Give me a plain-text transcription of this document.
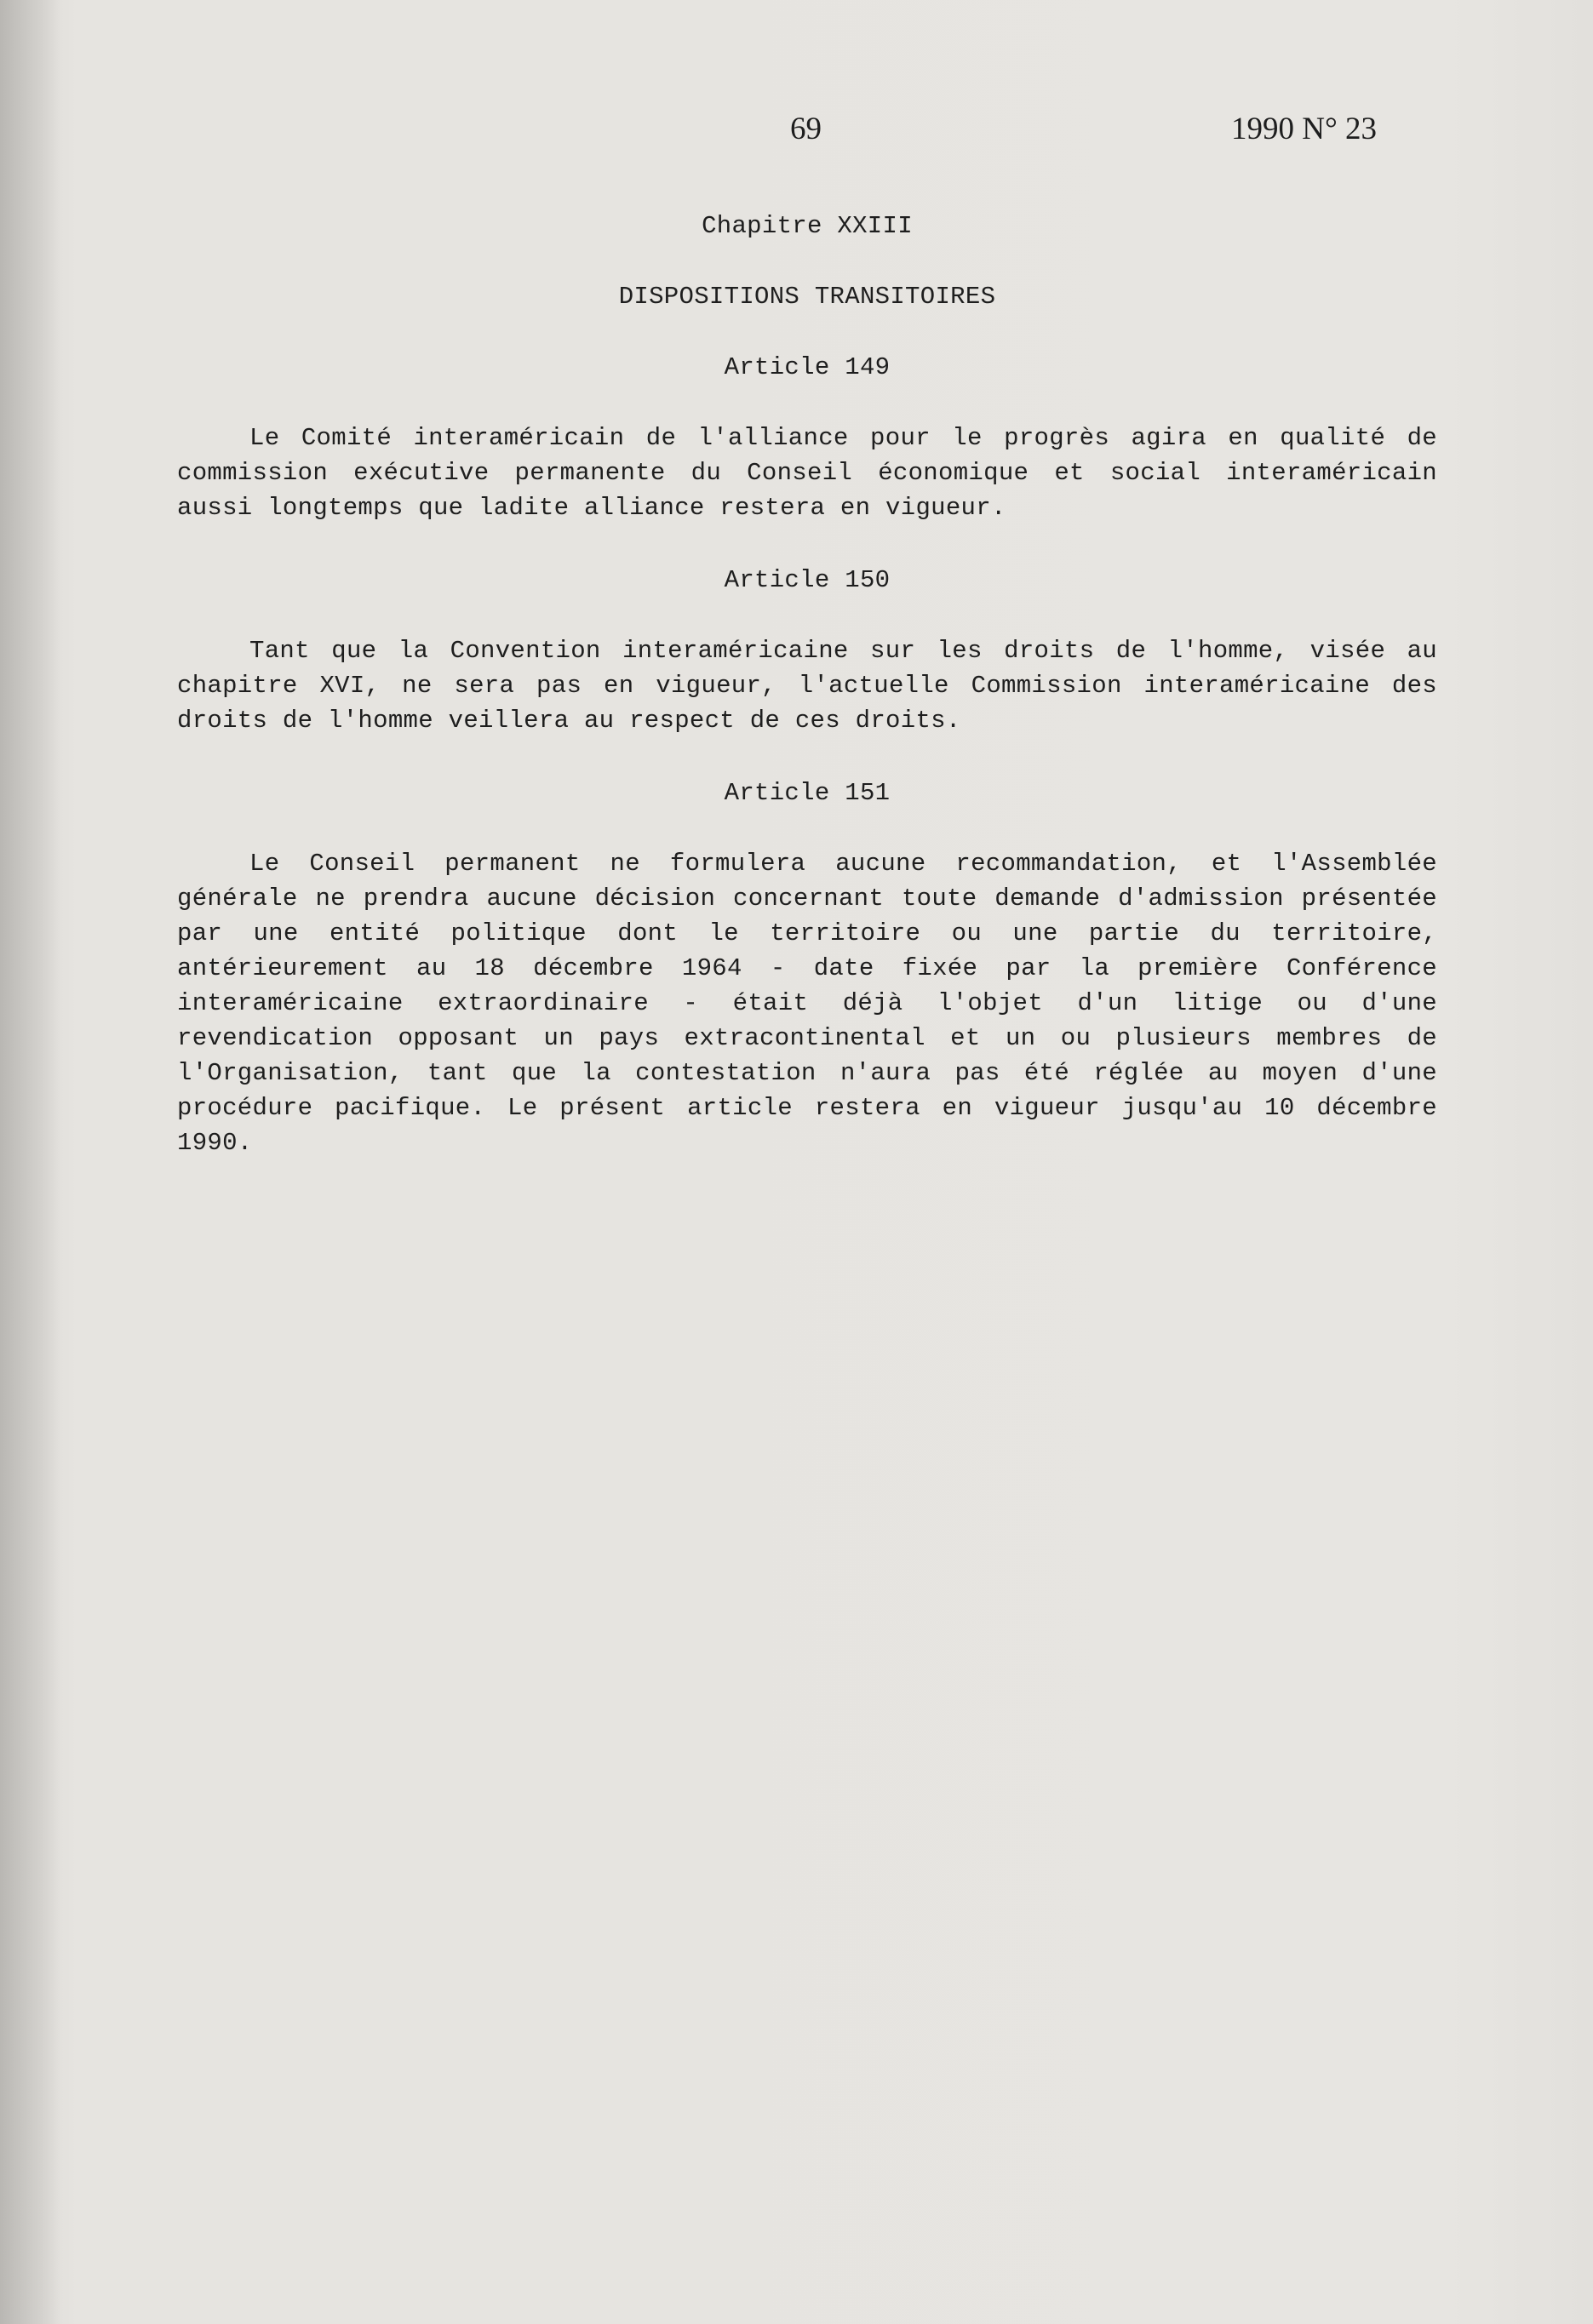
69	1990 N° 23
Chapitre XXIII
DISPOSITIONS TRANSITOIRES
Article 149

Le Comité interaméricain de l'alliance pour le progrès agira en qualité de commission exécutive permanente du Conseil économique et social interaméricain aussi longtemps que ladite alliance restera en vigueur.

Article 150

Tant que la Convention interaméricaine sur les droits de l'homme, visée au chapitre XVI, ne sera pas en vigueur, l'actuelle Commission interaméricaine des droits de l'homme veillera au respect de ces droits.

Article 151

Le Conseil permanent ne formulera aucune recommandation, et l'Assemblée générale ne prendra aucune décision concernant toute demande d'admission présentée par une entité politique dont le territoire ou une partie du territoire, antérieurement au 18 décembre 1964 - date fixée par la première Conférence interaméricaine extraordinaire - était déjà l'objet d'un litige ou d'une revendication opposant un pays extracontinental et un ou plusieurs membres de l'Organisation, tant que la contestation n'aura pas été réglée au moyen d'une procédure pacifique. Le présent article restera en vigueur jusqu'au 10 décembre 1990.
